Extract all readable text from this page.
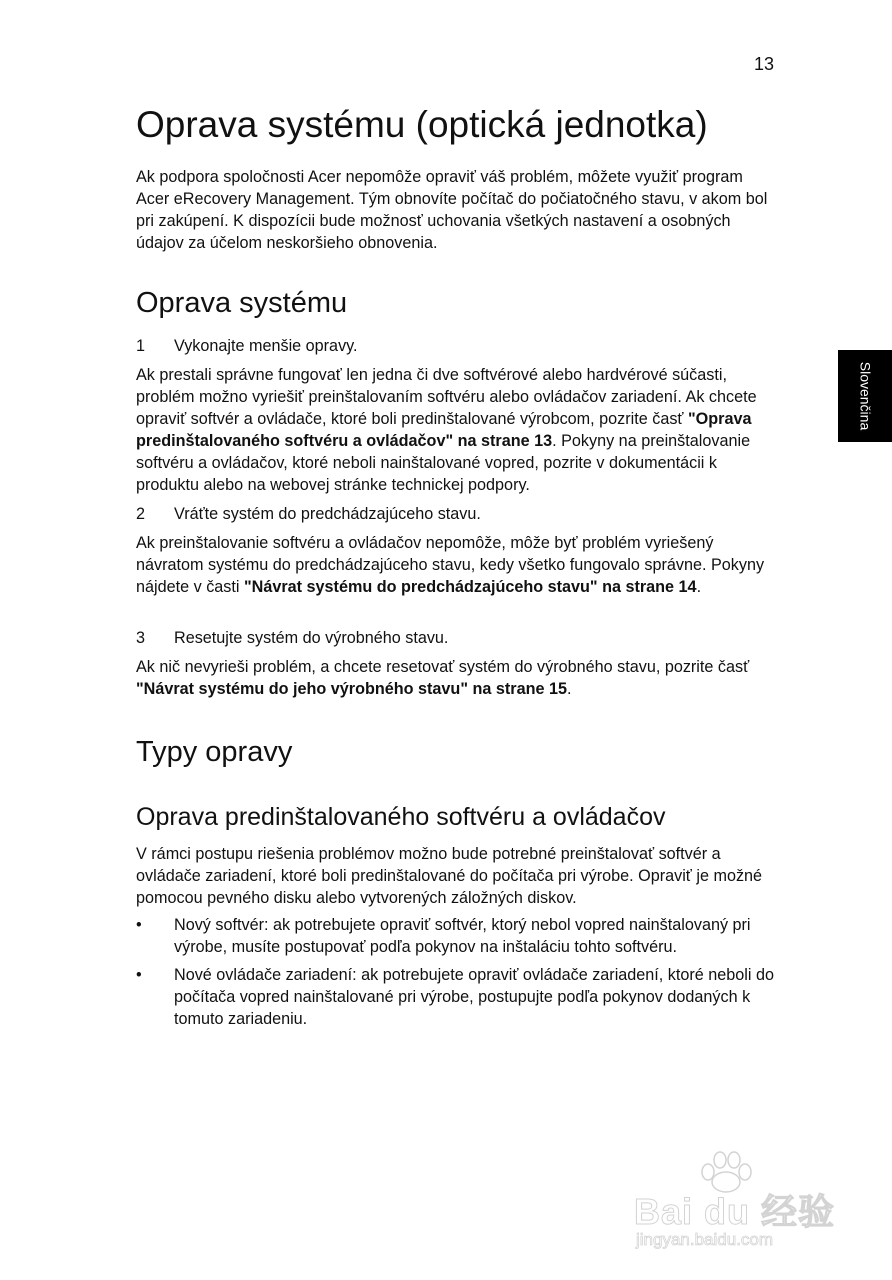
13
Slovenčina
Oprava systému (optická jednotka)

Ak podpora spoločnosti Acer nepomôže opraviť váš problém, môžete využiť program Acer eRecovery Management. Tým obnovíte počítač do počiatočného stavu, v akom bol pri zakúpení. K dispozícii bude možnosť uchovania všetkých nastavení a osobných údajov za účelom neskoršieho obnovenia.

Oprava systému
1 Vykonajte menšie opravy.

Ak prestali správne fungovať len jedna či dve softvérové alebo hardvérové súčasti, problém možno vyriešiť preinštalovaním softvéru alebo ovládačov zariadení. Ak chcete opraviť softvér a ovládače, ktoré boli predinštalované výrobcom, pozrite časť "Oprava predinštalovaného softvéru a ovládačov" na strane 13. Pokyny na preinštalovanie softvéru a ovládačov, ktoré neboli nainštalované vopred, pozrite v dokumentácii k produktu alebo na webovej stránke technickej podpory.

2 Vráťte systém do predchádzajúceho stavu.

Ak preinštalovanie softvéru a ovládačov nepomôže, môže byť problém vyriešený návratom systému do predchádzajúceho stavu, kedy všetko fungovalo správne. Pokyny nájdete v časti "Návrat systému do predchádzajúceho stavu" na strane 14.

3 Resetujte systém do výrobného stavu.

Ak nič nevyrieši problém, a chcete resetovať systém do výrobného stavu, pozrite časť "Návrat systému do jeho výrobného stavu" na strane 15.

Typy opravy
Oprava predinštalovaného softvéru a ovládačov

V rámci postupu riešenia problémov možno bude potrebné preinštalovať softvér a ovládače zariadení, ktoré boli predinštalované do počítača pri výrobe. Opraviť je možné pomocou pevného disku alebo vytvorených záložných diskov.

• Nový softvér: ak potrebujete opraviť softvér, ktorý nebol vopred nainštalovaný pri výrobe, musíte postupovať podľa pokynov na inštaláciu tohto softvéru.

• Nové ovládače zariadení: ak potrebujete opraviť ovládače zariadení, ktoré neboli do počítača vopred nainštalované pri výrobe, postupujte podľa pokynov dodaných k tomuto zariadeniu.

Bai du 经验
jingyan.baidu.com
